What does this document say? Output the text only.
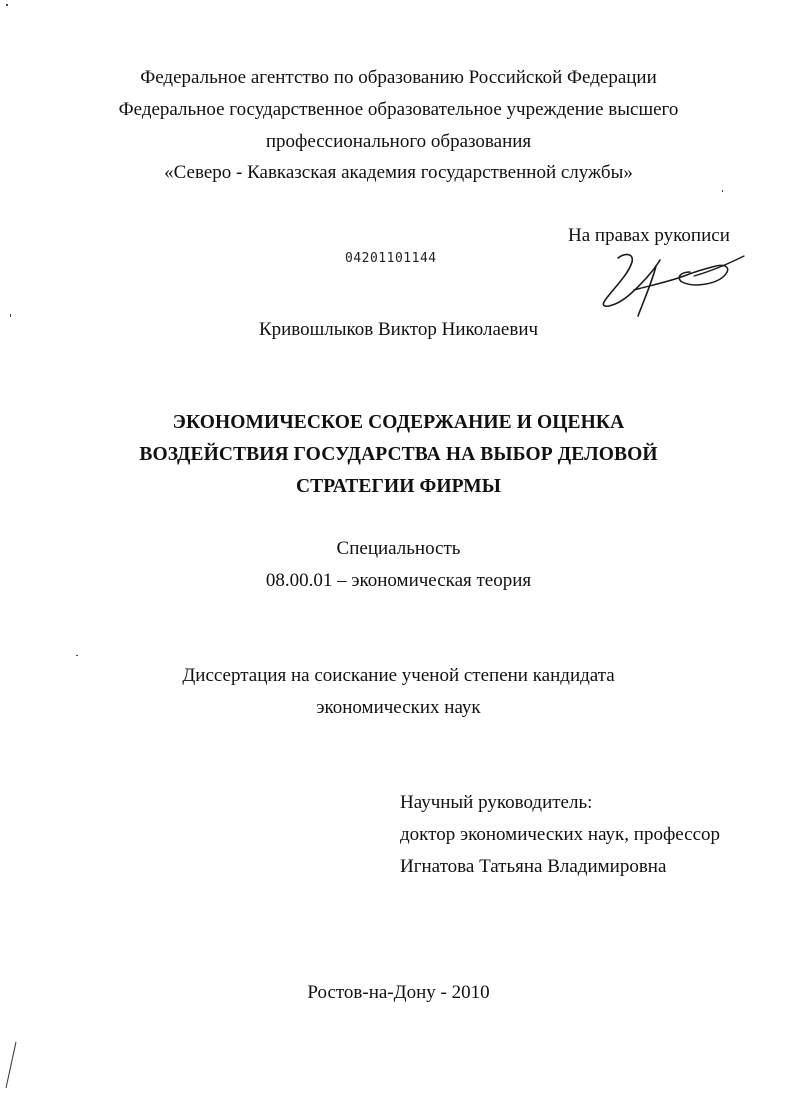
Федеральное агентство по образованию Российской Федерации
Федеральное государственное образовательное учреждение высшего
профессионального образования
«Северо - Кавказская академия государственной службы»
На правах рукописи
04201101144
Кривошлыков Виктор Николаевич
ЭКОНОМИЧЕСКОЕ СОДЕРЖАНИЕ И ОЦЕНКА
ВОЗДЕЙСТВИЯ ГОСУДАРСТВА НА ВЫБОР ДЕЛОВОЙ
СТРАТЕГИИ ФИРМЫ
Специальность
08.00.01 – экономическая теория
Диссертация на соискание ученой степени кандидата
экономических наук
Научный руководитель:
доктор экономических наук, профессор
Игнатова Татьяна Владимировна
Ростов-на-Дону - 2010
